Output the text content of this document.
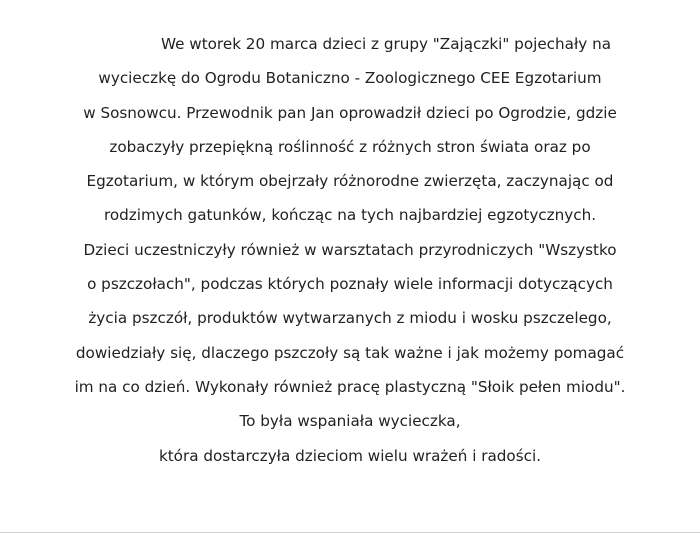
We wtorek 20 marca dzieci z grupy "Zajączki" pojechały na
wycieczkę do Ogrodu Botaniczno - Zoologicznego CEE Egzotarium
w Sosnowcu. Przewodnik pan Jan oprowadził dzieci po Ogrodzie, gdzie
zobaczyły przepiękną roślinność z różnych stron świata oraz po
Egzotarium, w którym obejrzały różnorodne zwierzęta, zaczynając od
rodzimych gatunków, kończąc na tych najbardziej egzotycznych.
Dzieci uczestniczyły również w warsztatach przyrodniczych "Wszystko
o pszczołach", podczas których poznały wiele informacji dotyczących
życia pszczół, produktów wytwarzanych z miodu i wosku pszczelego,
dowiedziały się, dlaczego pszczoły są tak ważne i jak możemy pomagać
im na co dzień. Wykonały również pracę plastyczną "Słoik pełen miodu".
To była wspaniała wycieczka,
która dostarczyła dzieciom wielu wrażeń i radości.
